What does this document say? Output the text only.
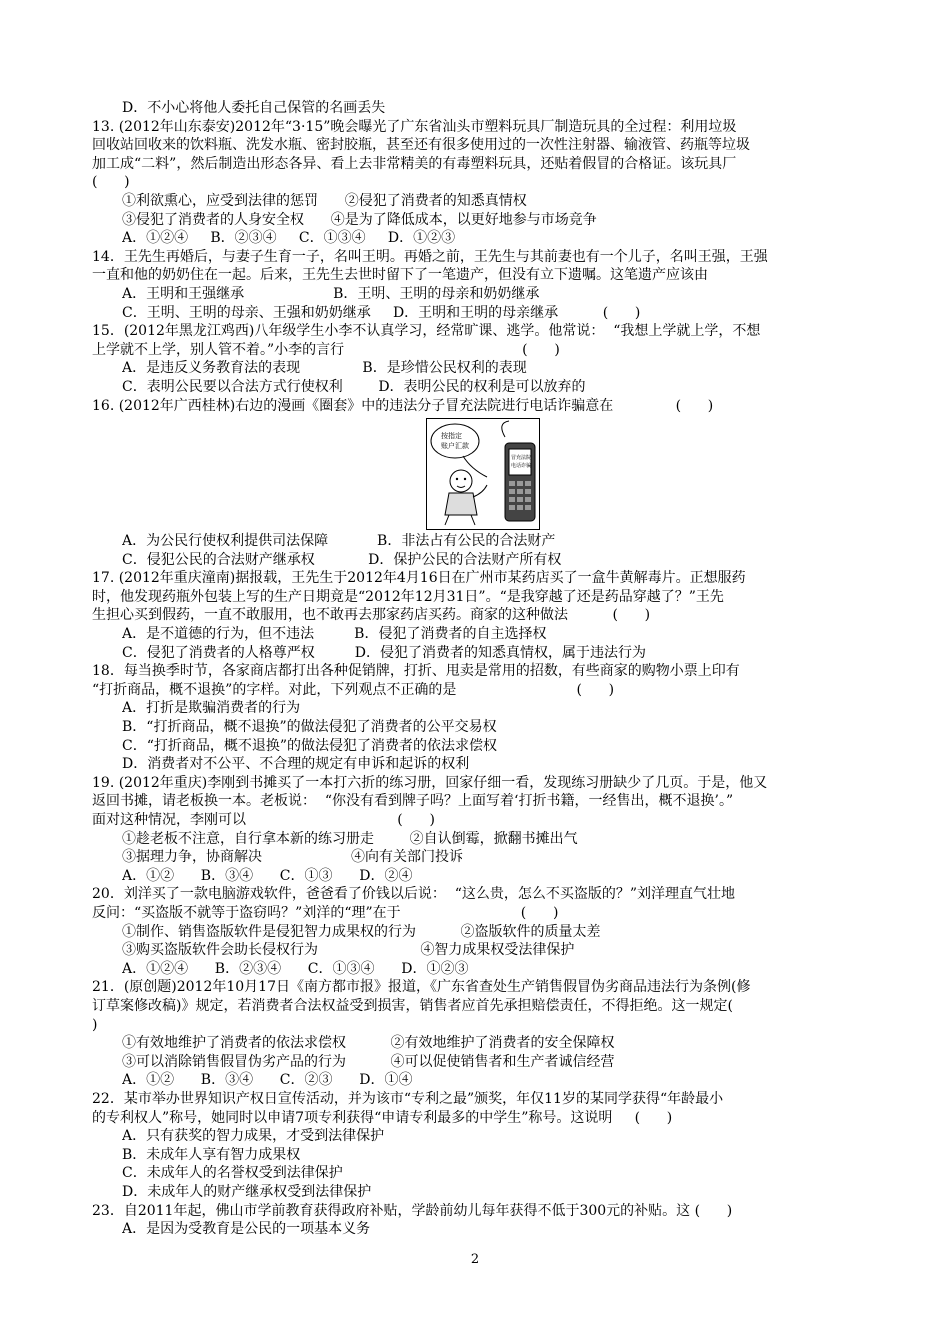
D．不小心将他人委托自己保管的名画丢失
13. (2012年山东泰安)2012年“3·15”晚会曝光了广东省汕头市塑料玩具厂制造玩具的全过程：利用垃圾
回收站回收来的饮料瓶、洗发水瓶、密封胶瓶，甚至还有很多使用过的一次性注射器、输液管、药瓶等垃圾
加工成“二料”，然后制造出形态各异、看上去非常精美的有毒塑料玩具，还贴着假冒的合格证。该玩具厂
(      )
①利欲熏心，应受到法律的惩罚      ②侵犯了消费者的知悉真情权
③侵犯了消费者的人身安全权      ④是为了降低成本，以更好地参与市场竞争
A．①②④     B．②③④     C．①③④     D．①②③
14．王先生再婚后，与妻子生育一子，名叫王明。再婚之前，王先生与其前妻也有一个儿子，名叫王强，王强
一直和他的奶奶住在一起。后来，王先生去世时留下了一笔遗产，但没有立下遗嘱。这笔遗产应该由
A．王明和王强继承                    B．王明、王明的母亲和奶奶继承
C．王明、王明的母亲、王强和奶奶继承     D．王明和王明的母亲继承          (      )
15．(2012年黑龙江鸡西)八年级学生小李不认真学习，经常旷课、逃学。他常说：  “我想上学就上学，不想
上学就不上学，别人管不着。”小李的言行                                        (      )
A．是违反义务教育法的表现              B．是珍惜公民权利的表现
C．表明公民要以合法方式行使权利        D．表明公民的权利是可以放弃的
16. (2012年广西桂林)右边的漫画《圈套》中的违法分子冒充法院进行电话诈骗意在              (      )
A．为公民行使权利提供司法保障           B．非法占有公民的合法财产
C．侵犯公民的合法财产继承权            D．保护公民的合法财产所有权
17. (2012年重庆潼南)据报载，王先生于2012年4月16日在广州市某药店买了一盒牛黄解毒片。正想服药
时，他发现药瓶外包装上写的生产日期竟是“2012年12月31日”。“是我穿越了还是药品穿越了？”王先
生担心买到假药，一直不敢服用，也不敢再去那家药店买药。商家的这种做法          (      )
A．是不道德的行为，但不违法         B．侵犯了消费者的自主选择权
C．侵犯了消费者的人格尊严权         D．侵犯了消费者的知悉真情权，属于违法行为
18．每当换季时节，各家商店都打出各种促销牌，打折、甩卖是常用的招数，有些商家的购物小票上印有
“打折商品，概不退换”的字样。对此，下列观点不正确的是                           (      )
A．打折是欺骗消费者的行为
B．“打折商品，概不退换”的做法侵犯了消费者的公平交易权
C．“打折商品，概不退换”的做法侵犯了消费者的依法求偿权
D．消费者对不公平、不合理的规定有申诉和起诉的权利
19. (2012年重庆)李刚到书摊买了一本打六折的练习册，回家仔细一看，发现练习册缺少了几页。于是，他又
返回书摊，请老板换一本。老板说：  “你没有看到牌子吗？上面写着‘打折书籍，一经售出，概不退换’。”
面对这种情况，李刚可以                                  (      )
①趁老板不注意，自行拿本新的练习册走        ②自认倒霉，掀翻书摊出气
③据理力争，协商解决                    ④向有关部门投诉
A．①②      B．③④      C．①③      D．②④
20．刘洋买了一款电脑游戏软件，爸爸看了价钱以后说：  “这么贵，怎么不买盗版的？”刘洋理直气壮地
反问：“买盗版不就等于盗窃吗？”刘洋的“理”在于                           (      )
①制作、销售盗版软件是侵犯智力成果权的行为          ②盗版软件的质量太差
③购买盗版软件会助长侵权行为                       ④智力成果权受法律保护
A．①②④      B．②③④      C．①③④      D．①②③
21．(原创题)2012年10月17日《南方都市报》报道，《广东省查处生产销售假冒伪劣商品违法行为条例(修
订草案修改稿)》规定，若消费者合法权益受到损害，销售者应首先承担赔偿责任，不得拒绝。这一规定(
)
①有效地维护了消费者的依法求偿权          ②有效地维护了消费者的安全保障权
③可以消除销售假冒伪劣产品的行为          ④可以促使销售者和生产者诚信经营
A．①②      B．③④      C．②③      D．①④
22．某市举办世界知识产权日宣传活动，并为该市“专利之最”颁奖，年仅11岁的某同学获得“年龄最小
的专利权人”称号，她同时以申请7项专利获得“申请专利最多的中学生”称号。这说明     (      )
A．只有获奖的智力成果，才受到法律保护
B．未成年人享有智力成果权
C．未成年人的名誉权受到法律保护
D．未成年人的财产继承权受到法律保护
23．自2011年起，佛山市学前教育获得政府补贴，学龄前幼儿每年获得不低于300元的补贴。这 (      )
A．是因为受教育是公民的一项基本义务
按指定
账户汇款
冒充法院
电话诈骗
2
